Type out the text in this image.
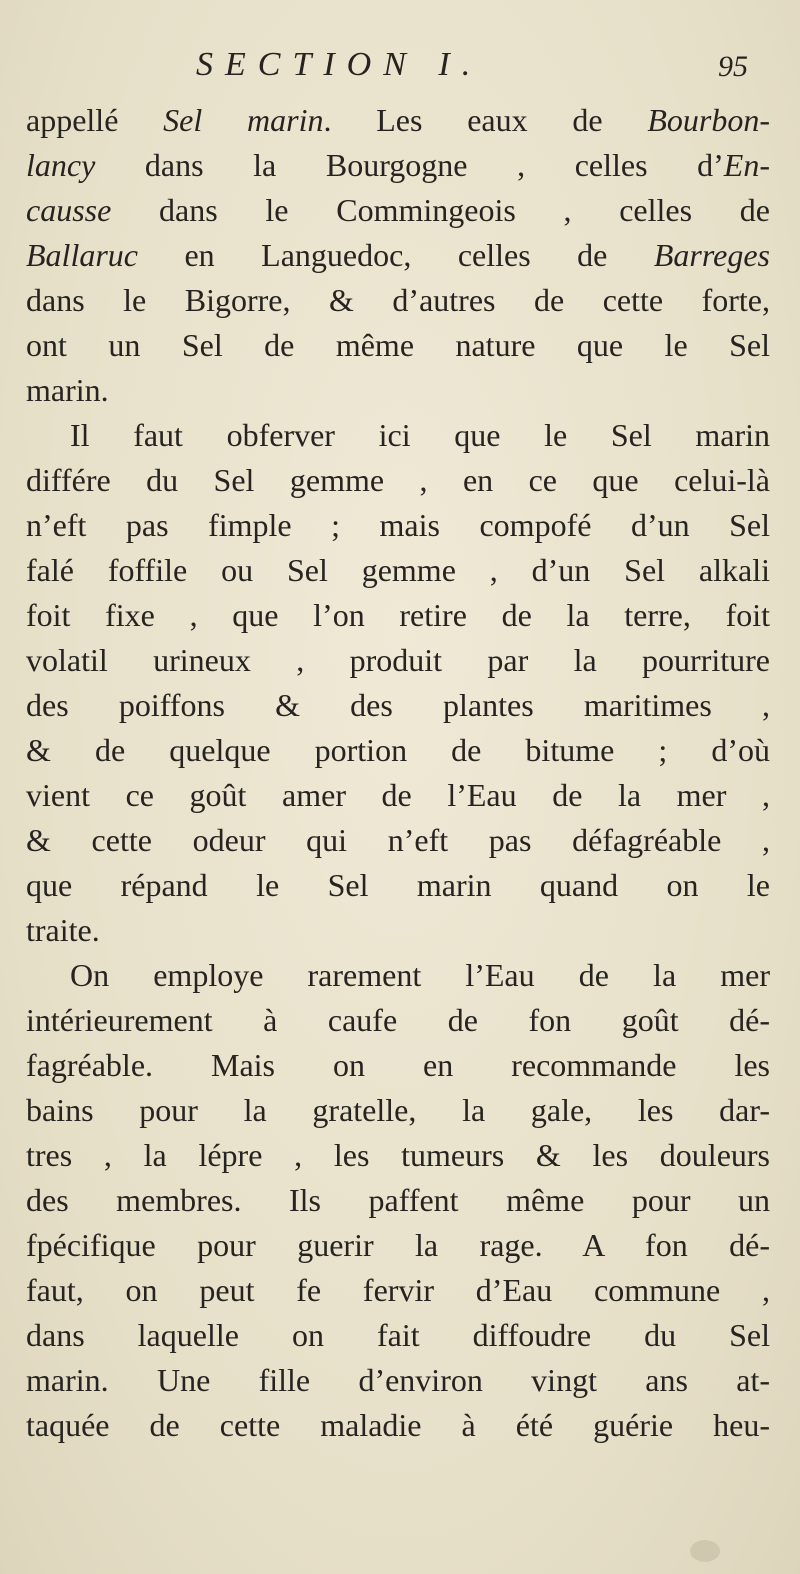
SECTION I.	95
appellé Sel marin. Les eaux de Bourbon-
lancy dans la Bourgogne , celles d’En-
causse dans le Commingeois , celles de
Ballaruc en Languedoc, celles de Barreges
dans le Bigorre, & d’autres de cette forte,
ont un Sel de même nature que le Sel
marin.
Il faut obferver ici que le Sel marin
différe du Sel gemme , en ce que celui-là
n’eft pas fimple ; mais compofé d’un Sel
falé foffile ou Sel gemme , d’un Sel alkali
foit fixe , que l’on retire de la terre, foit
volatil urineux , produit par la pourriture
des poiffons & des plantes maritimes ,
& de quelque portion de bitume ; d’où
vient ce goût amer de l’Eau de la mer ,
& cette odeur qui n’eft pas défagréable ,
que répand le Sel marin quand on le
traite.
On employe rarement l’Eau de la mer
intérieurement à caufe de fon goût dé-
fagréable. Mais on en recommande les
bains pour la gratelle, la gale, les dar-
tres , la lépre , les tumeurs & les douleurs
des membres. Ils paffent même pour un
fpécifique pour guerir la rage. A fon dé-
faut, on peut fe fervir d’Eau commune ,
dans laquelle on fait diffoudre du Sel
marin. Une fille d’environ vingt ans at-
taquée de cette maladie à été guérie heu-
